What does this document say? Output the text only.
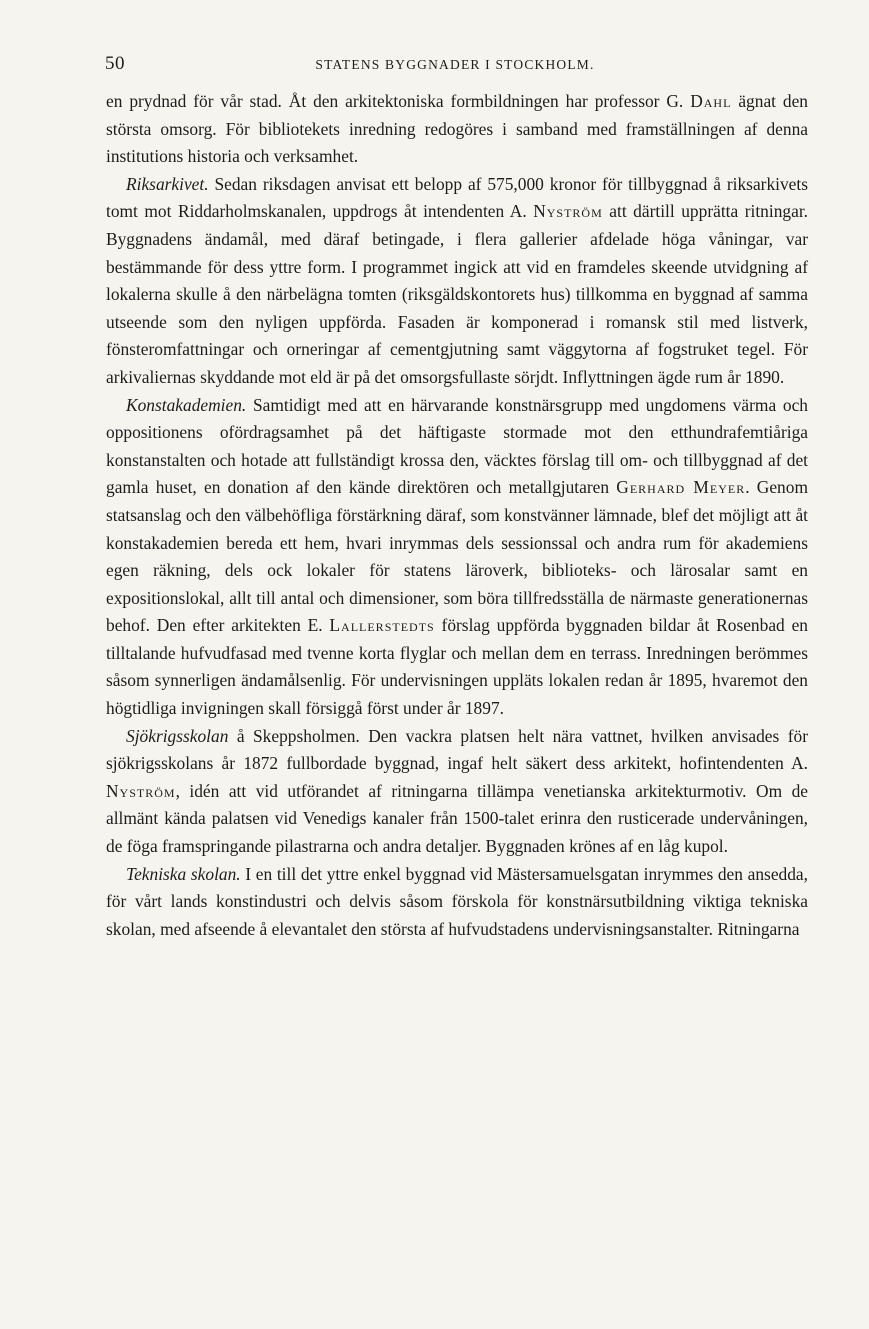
50	STATENS BYGGNADER I STOCKHOLM.

en prydnad för vår stad. Åt den arkitektoniska formbildningen har professor G. Dahl ägnat den största omsorg. För bibliotekets inredning redogöres i samband med framställningen af denna institutions historia och verksamhet.

Riksarkivet. Sedan riksdagen anvisat ett belopp af 575,000 kronor för tillbyggnad å riksarkivets tomt mot Riddarholmskanalen, uppdrogs åt intendenten A. Nyström att därtill upprätta ritningar. Byggnadens ändamål, med däraf betingade, i flera gallerier afdelade höga våningar, var bestämmande för dess yttre form. I programmet ingick att vid en framdeles skeende utvidgning af lokalerna skulle å den närbelägna tomten (riksgäldskontorets hus) tillkomma en byggnad af samma utseende som den nyligen uppförda. Fasaden är komponerad i romansk stil med listverk, fönsteromfattningar och orneringar af cementgjutning samt väggytorna af fogstruket tegel. För arkivaliernas skyddande mot eld är på det omsorgsfullaste sörjdt. Inflyttningen ägde rum år 1890.

Konstakademien. Samtidigt med att en härvarande konstnärsgrupp med ungdomens värma och oppositionens ofördragsamhet på det häftigaste stormade mot den etthundrafemtiåriga konstanstalten och hotade att fullständigt krossa den, väcktes förslag till om- och tillbyggnad af det gamla huset, en donation af den kände direktören och metallgjutaren Gerhard Meyer. Genom statsanslag och den välbehöfliga förstärkning däraf, som konstvänner lämnade, blef det möjligt att åt konstakademien bereda ett hem, hvari inrymmas dels sessionssal och andra rum för akademiens egen räkning, dels ock lokaler för statens läroverk, biblioteks- och lärosalar samt en expositionslokal, allt till antal och dimensioner, som böra tillfredsställa de närmaste generationernas behof. Den efter arkitekten E. Lallerstedts förslag uppförda byggnaden bildar åt Rosenbad en tilltalande hufvudfasad med tvenne korta flyglar och mellan dem en terrass. Inredningen berömmes såsom synnerligen ändamålsenlig. För undervisningen uppläts lokalen redan år 1895, hvaremot den högtidliga invigningen skall försiggå först under år 1897.

Sjökrigsskolan å Skeppsholmen. Den vackra platsen helt nära vattnet, hvilken anvisades för sjökrigsskolans år 1872 fullbordade byggnad, ingaf helt säkert dess arkitekt, hofintendenten A. Nyström, idén att vid utförandet af ritningarna tillämpa venetianska arkitekturmotiv. Om de allmänt kända palatsen vid Venedigs kanaler från 1500-talet erinra den rusticerade undervåningen, de föga framspringande pilastrarna och andra detaljer. Byggnaden krönes af en låg kupol.

Tekniska skolan. I en till det yttre enkel byggnad vid Mästersamuelsgatan inrymmes den ansedda, för vårt lands konstindustri och delvis såsom förskola för konstnärsutbildning viktiga tekniska skolan, med afseende å elevantalet den största af hufvudstadens undervisningsanstalter. Ritningarna
